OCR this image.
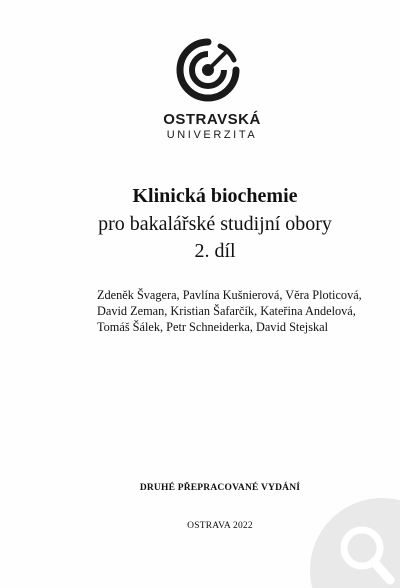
OSTRAVSKÁ
UNIVERZITA
Klinická biochemie
pro bakalářské studijní obory
2. díl
Zdeněk Švagera, Pavlína Kušnierová, Věra Ploticová,
David Zeman, Kristian Šafarčík, Kateřina Andelová,
Tomáš Šálek, Petr Schneiderka, David Stejskal
DRUHÉ PŘEPRACOVANÉ VYDÁNÍ
OSTRAVA 2022
